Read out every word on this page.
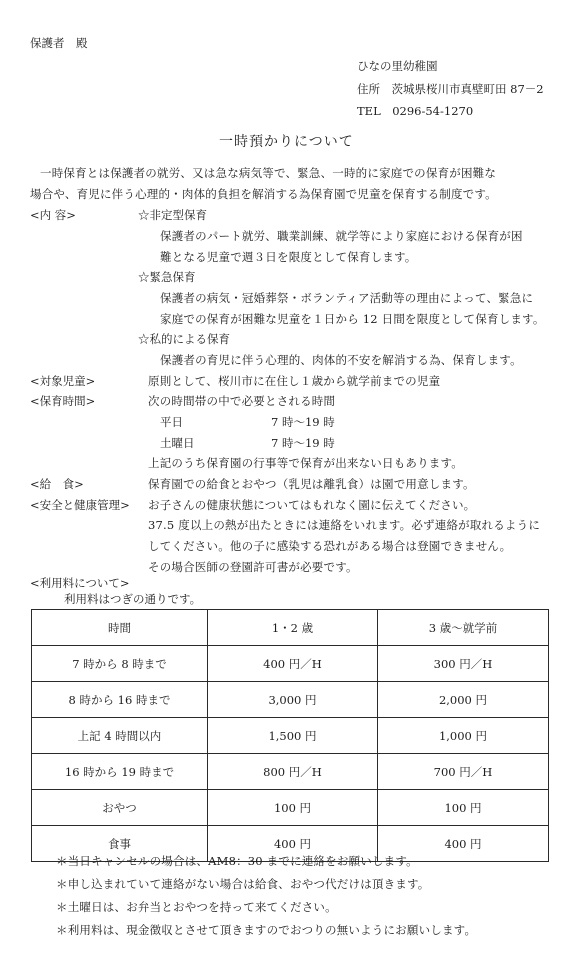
保護者　殿
ひなの里幼稚園
住所　茨城県桜川市真壁町田 87－2
TEL　0296-54-1270
一時預かりについて
一時保育とは保護者の就労、又は急な病気等で、緊急、一時的に家庭での保育が困難な
場合や、育児に伴う心理的・肉体的負担を解消する為保育園で児童を保育する制度です。
<内 容>	☆非定型保育
保護者のパート就労、職業訓練、就学等により家庭における保育が困
難となる児童で週３日を限度として保育します。
☆緊急保育
保護者の病気・冠婚葬祭・ボランティア活動等の理由によって、緊急に
家庭での保育が困難な児童を１日から 12 日間を限度として保育します。
☆私的による保育
保護者の育児に伴う心理的、肉体的不安を解消する為、保育します。
<対象児童>	原則として、桜川市に在住し１歳から就学前までの児童
<保育時間>	次の時間帯の中で必要とされる時間
平日	7 時～19 時
土曜日	7 時～19 時
上記のうち保育園の行事等で保育が出来ない日もあります。
<給　食>	保育園での給食とおやつ（乳児は離乳食）は園で用意します。
<安全と健康管理> お子さんの健康状態についてはもれなく園に伝えてください。
37.5 度以上の熱が出たときには連絡をいれます。必ず連絡が取れるように
してください。他の子に感染する恐れがある場合は登園できません。
その場合医師の登園許可書が必要です。
<利用料について>
利用料はつぎの通りです。
時間	1・2 歳	3 歳～就学前
7 時から 8 時まで	400 円／H	300 円／H
8 時から 16 時まで	3,000 円	2,000 円
上記 4 時間以内	1,500 円	1,000 円
16 時から 19 時まで	800 円／H	700 円／H
おやつ	100 円	100 円
食事	400 円	400 円
＊当日キャンセルの場合は、AM8：30 までに連絡をお願いします。
＊申し込まれていて連絡がない場合は給食、おやつ代だけは頂きます。
＊土曜日は、お弁当とおやつを持って来てください。
＊利用料は、現金徴収とさせて頂きますのでおつりの無いようにお願いします。
